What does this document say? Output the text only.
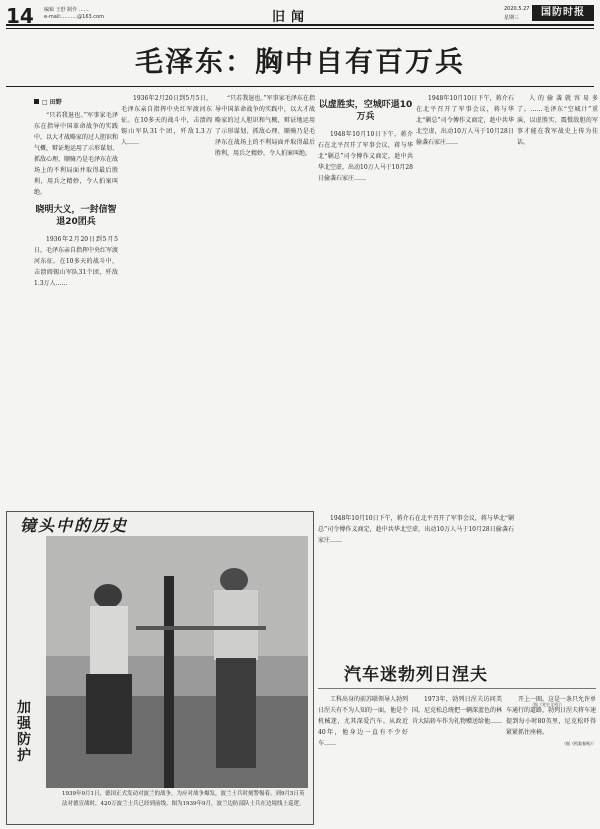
14 编辑 王舒 制作 ……
e-mail:..........@163.com	旧闻
2020.5.27
星期三	国防时报
毛泽东：胸中自有百万兵
□ 田野

“只若我退也。”军事家毛泽东在指导中国革命战争的实践中，以大才战略家的过人胆识和气概，辩证地运用了示形谋划、抓敌心理、顺骑乃是毛泽东在战场上的不利局面并取得最后胜利，用兵之精妙，令人拍案叫绝。

晓明大义，一封信智退20团兵

1936年2月20日到5月5日，毛泽东亲自指挥中央红军渡河东征。在10多天的战斗中，击溃阎锡山军队31个团，歼敌1.3万人……

1936年2月20日到5月5日，毛泽东亲自指挥中央红军渡河东征。在10多天的战斗中，击溃阎锡山军队31个团，歼敌1.3万人……

“只若我退也。”军事家毛泽东在指导中国革命战争的实践中，以大才战略家的过人胆识和气概，辩证地运用了示形谋划、抓敌心理、顺骑乃是毛泽东在战场上的不利局面并取得最后胜利，用兵之精妙，令人拍案叫绝。

以虚胜实，空城吓退10万兵

1948年10月10日下午，蒋介石在北平召开了军事会议，蒋与华北“剿总”司令傅作义商定，趁中共华北空虚，出动10万人马于10月28日偷袭石家庄……

1948年10月10日下午，蒋介石在北平召开了军事会议，蒋与华北“剿总”司令傅作义商定，趁中共华北空虚，出动10万人马于10月28日偷袭石家庄……

人的偷袭就容易多了。……毛泽东“空城计”重演，以虚胜实、震慑敌胆的军事才能在我军战史上传为佳话。

（据《党史文苑》）
镜头中的历史
加强防护
1939年9月1日，德国正式发动对波兰的战争，为应对战争爆发，波兰士兵时刻警惕着。到9月5日英法对德宣战时，420万波兰士兵已经到前线。图为1939年9月，波兰边防部队士兵在边境线上巡逻。

1948年10月10日下午，蒋介石在北平召开了军事会议，蒋与华北“剿总”司令傅作义商定，趁中共华北空虚，出动10万人马于10月28日偷袭石家庄……

汽车迷勃列日涅夫

工科出身的前苏联领导人勃列日涅夫有不为人知的一面，他是个机械迷，尤其深爱汽车。从政近40年，他身边一直有不少好车……

1973年，勃列日涅夫访问美国。尼克松总统把一辆深蓝色的林肯大陆轿车作为礼物赠送给他……

开上一圈。这是一条只允许单车通行的道路，勃列日涅夫将车速提到每小时80英里，尼克松吓得紧紧抓住座椅。

（据《档案春秋》）
